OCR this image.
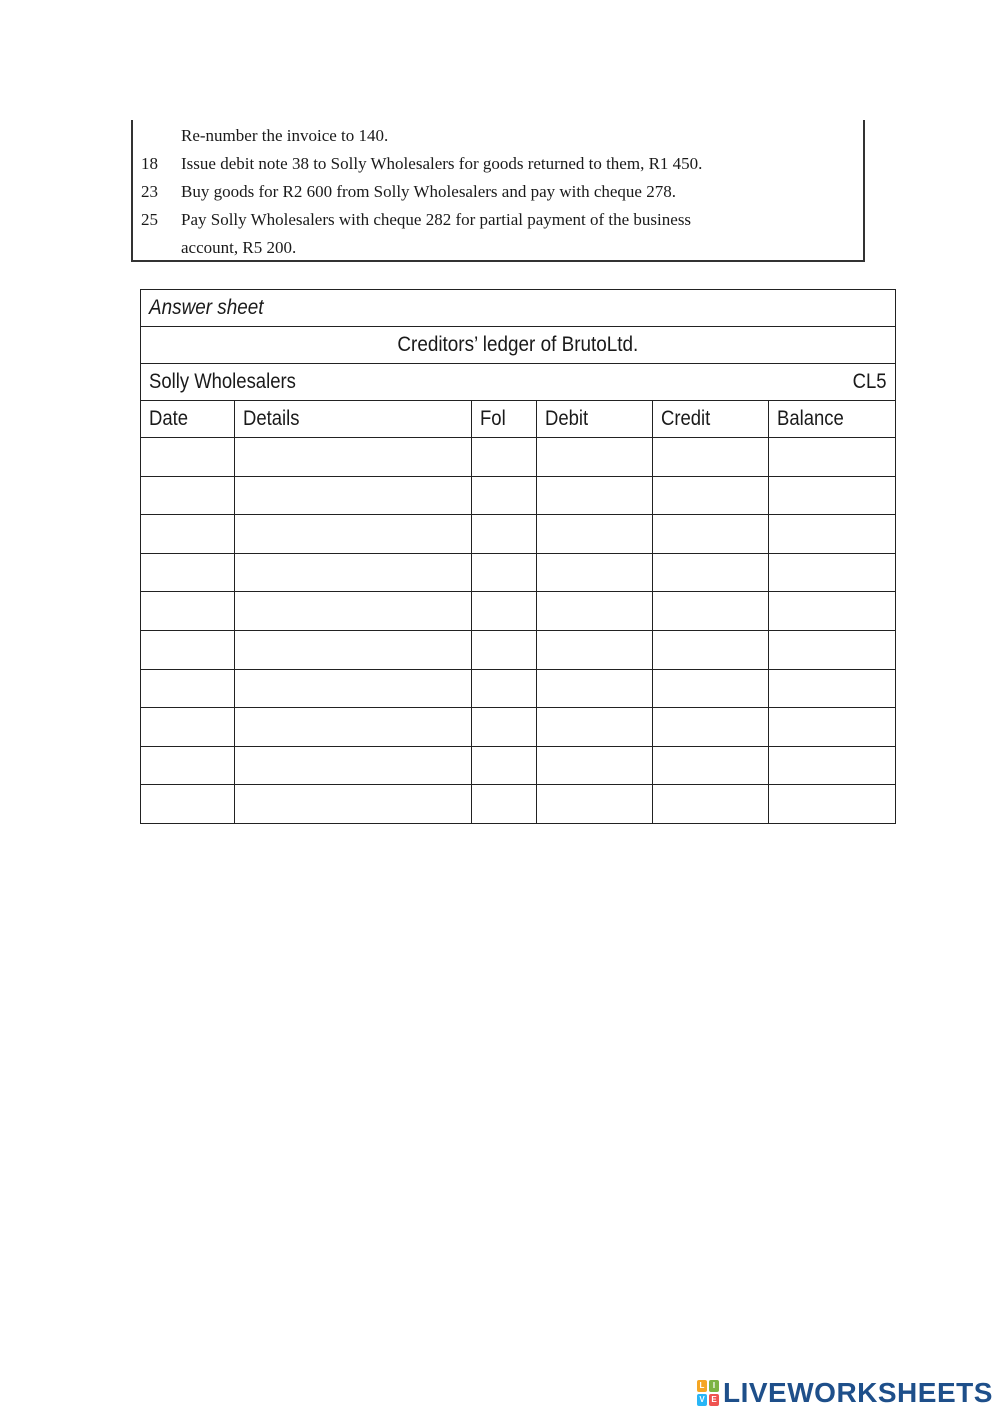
Re-number the invoice to 140.
18	Issue debit note 38 to Solly Wholesalers for goods returned to them, R1 450.
23	Buy goods for R2 600 from Solly Wholesalers and pay with cheque 278.
25	Pay Solly Wholesalers with cheque 282 for partial payment of the business
account, R5 200.
Answer sheet					
Creditors’ ledger of BrutoLtd.					

Solly Wholesalers CL5					

Date	Details	Fol	Debit	Credit	Balance

L	I
V E LIVEWORKSHEETS
